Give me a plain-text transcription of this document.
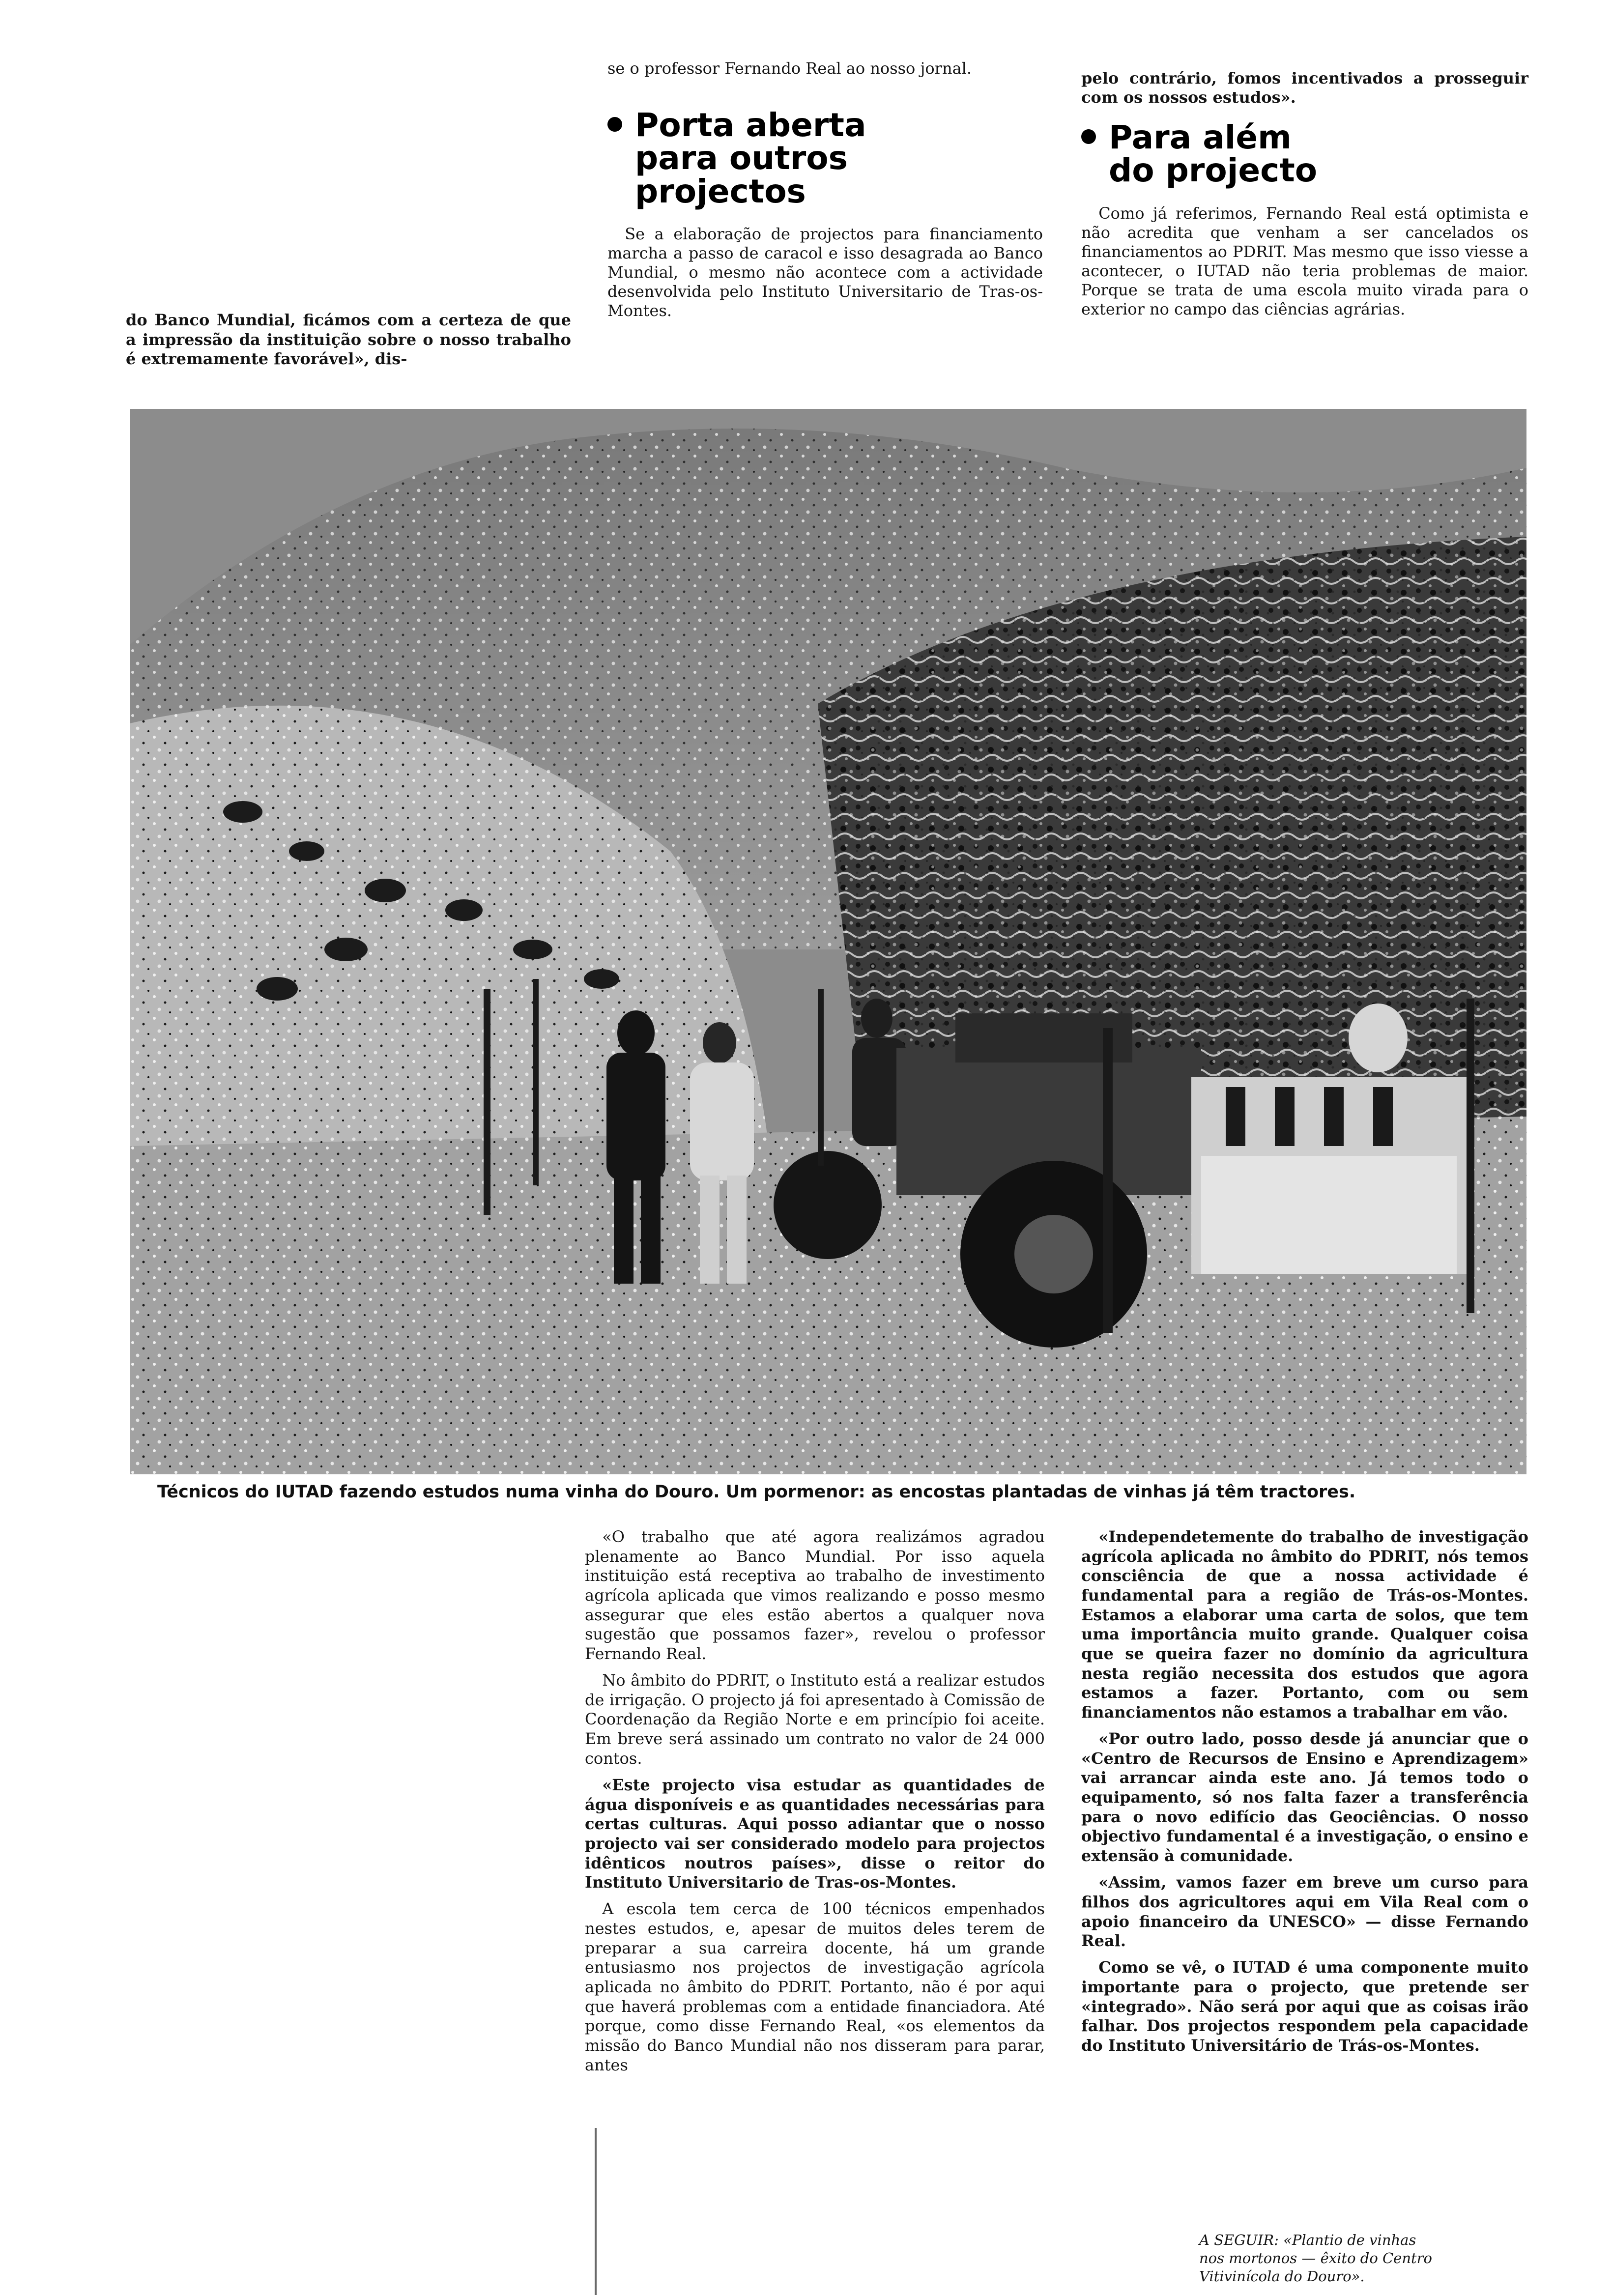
do Banco Mundial, ficámos com a certeza de que a impressão da instituição sobre o nosso trabalho é extremamente favorável», dis-

se o professor Fernando Real ao nosso jornal.

Porta aberta
para outros
projectos

Se a elaboração de projectos para financiamento marcha a passo de caracol e isso desagrada ao Banco Mundial, o mesmo não acontece com a actividade desenvolvida pelo Instituto Universitario de Tras-os-Montes.

pelo contrário, fomos incentivados a prosseguir com os nossos estudos».

Para além
do projecto

Como já referimos, Fernando Real está optimista e não acredita que venham a ser cancelados os financiamentos ao PDRIT. Mas mesmo que isso viesse a acontecer, o IUTAD não teria problemas de maior. Porque se trata de uma escola muito virada para o exterior no campo das ciências agrárias.

Técnicos do IUTAD fazendo estudos numa vinha do Douro. Um pormenor: as encostas plantadas de vinhas já têm tractores.

«O trabalho que até agora realizámos agradou plenamente ao Banco Mundial. Por isso aquela instituição está receptiva ao trabalho de investimento agrícola aplicada que vimos realizando e posso mesmo assegurar que eles estão abertos a qualquer nova sugestão que possamos fazer», revelou o professor Fernando Real.

No âmbito do PDRIT, o Instituto está a realizar estudos de irrigação. O projecto já foi apresentado à Comissão de Coordenação da Região Norte e em princípio foi aceite. Em breve será assinado um contrato no valor de 24 000 contos.

«Este projecto visa estudar as quantidades de água disponíveis e as quantidades necessárias para certas culturas. Aqui posso adiantar que o nosso projecto vai ser considerado modelo para projectos idênticos noutros países», disse o reitor do Instituto Universitario de Tras-os-Montes.

A escola tem cerca de 100 técnicos empenhados nestes estudos, e, apesar de muitos deles terem de preparar a sua carreira docente, há um grande entusiasmo nos projectos de investigação agrícola aplicada no âmbito do PDRIT. Portanto, não é por aqui que haverá problemas com a entidade financiadora. Até porque, como disse Fernando Real, «os elementos da missão do Banco Mundial não nos disseram para parar, antes

«Independetemente do trabalho de investigação agrícola aplicada no âmbito do PDRIT, nós temos consciência de que a nossa actividade é fundamental para a região de Trás-os-Montes. Estamos a elaborar uma carta de solos, que tem uma importância muito grande. Qualquer coisa que se queira fazer no domínio da agricultura nesta região necessita dos estudos que agora estamos a fazer. Portanto, com ou sem financiamentos não estamos a trabalhar em vão.

«Por outro lado, posso desde já anunciar que o «Centro de Recursos de Ensino e Aprendizagem» vai arrancar ainda este ano. Já temos todo o equipamento, só nos falta fazer a transferência para o novo edifício das Geociências. O nosso objectivo fundamental é a investigação, o ensino e extensão à comunidade.

«Assim, vamos fazer em breve um curso para filhos dos agricultores aqui em Vila Real com o apoio financeiro da UNESCO» — disse Fernando Real.

Como se vê, o IUTAD é uma componente muito importante para o projecto, que pretende ser «integrado». Não será por aqui que as coisas irão falhar. Dos projectos respondem pela capacidade do Instituto Universitário de Trás-os-Montes.

A SEGUIR: «Plantio de vinhas nos mortonos — êxito do Centro Vitivinícola do Douro».
